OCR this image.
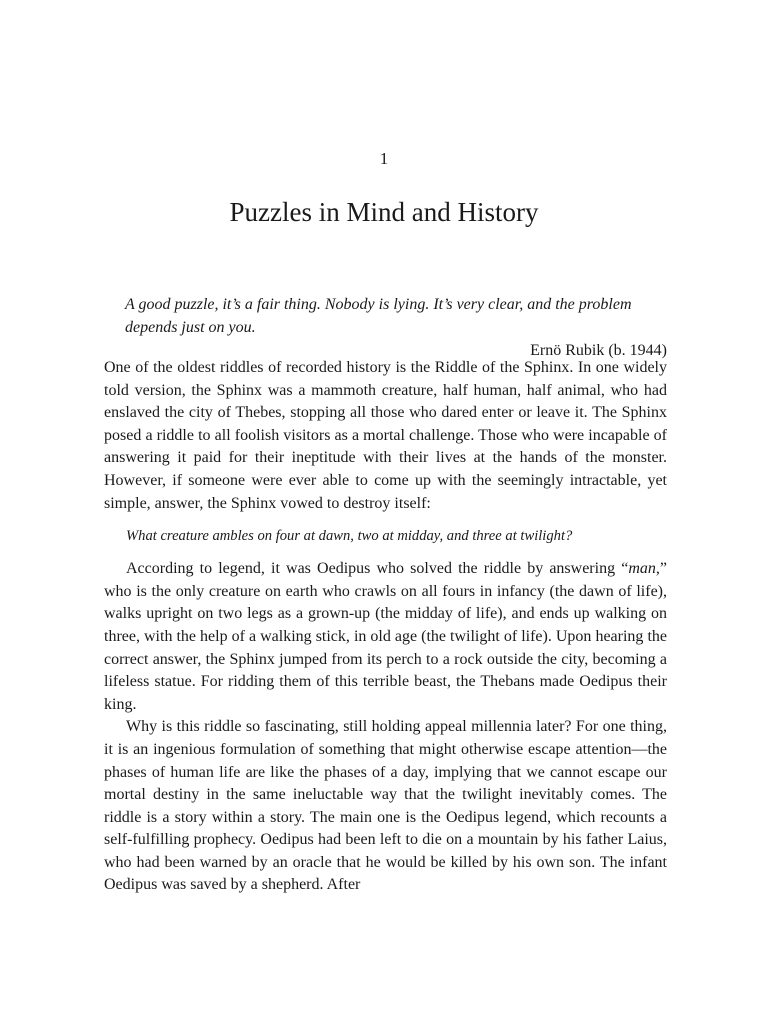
1
Puzzles in Mind and History

A good puzzle, it’s a fair thing. Nobody is lying. It’s very clear, and the problem depends just on you.

Ernö Rubik (b. 1944)

One of the oldest riddles of recorded history is the Riddle of the Sphinx. In one widely told version, the Sphinx was a mammoth creature, half human, half animal, who had enslaved the city of Thebes, stopping all those who dared enter or leave it. The Sphinx posed a riddle to all foolish visitors as a mortal challenge. Those who were incapable of answering it paid for their ineptitude with their lives at the hands of the monster. However, if someone were ever able to come up with the seemingly intractable, yet simple, answer, the Sphinx vowed to destroy itself:

What creature ambles on four at dawn, two at midday, and three at twilight?

According to legend, it was Oedipus who solved the riddle by answering “man,” who is the only creature on earth who crawls on all fours in infancy (the dawn of life), walks upright on two legs as a grown-up (the midday of life), and ends up walking on three, with the help of a walking stick, in old age (the twilight of life). Upon hearing the correct answer, the Sphinx jumped from its perch to a rock outside the city, becoming a lifeless statue. For ridding them of this terrible beast, the Thebans made Oedipus their king.

Why is this riddle so fascinating, still holding appeal millennia later? For one thing, it is an ingenious formulation of something that might otherwise escape attention—the phases of human life are like the phases of a day, implying that we cannot escape our mortal destiny in the same ineluctable way that the twilight inevitably comes. The riddle is a story within a story. The main one is the Oedipus legend, which recounts a self-fulfilling prophecy. Oedipus had been left to die on a mountain by his father Laius, who had been warned by an oracle that he would be killed by his own son. The infant Oedipus was saved by a shepherd. After
